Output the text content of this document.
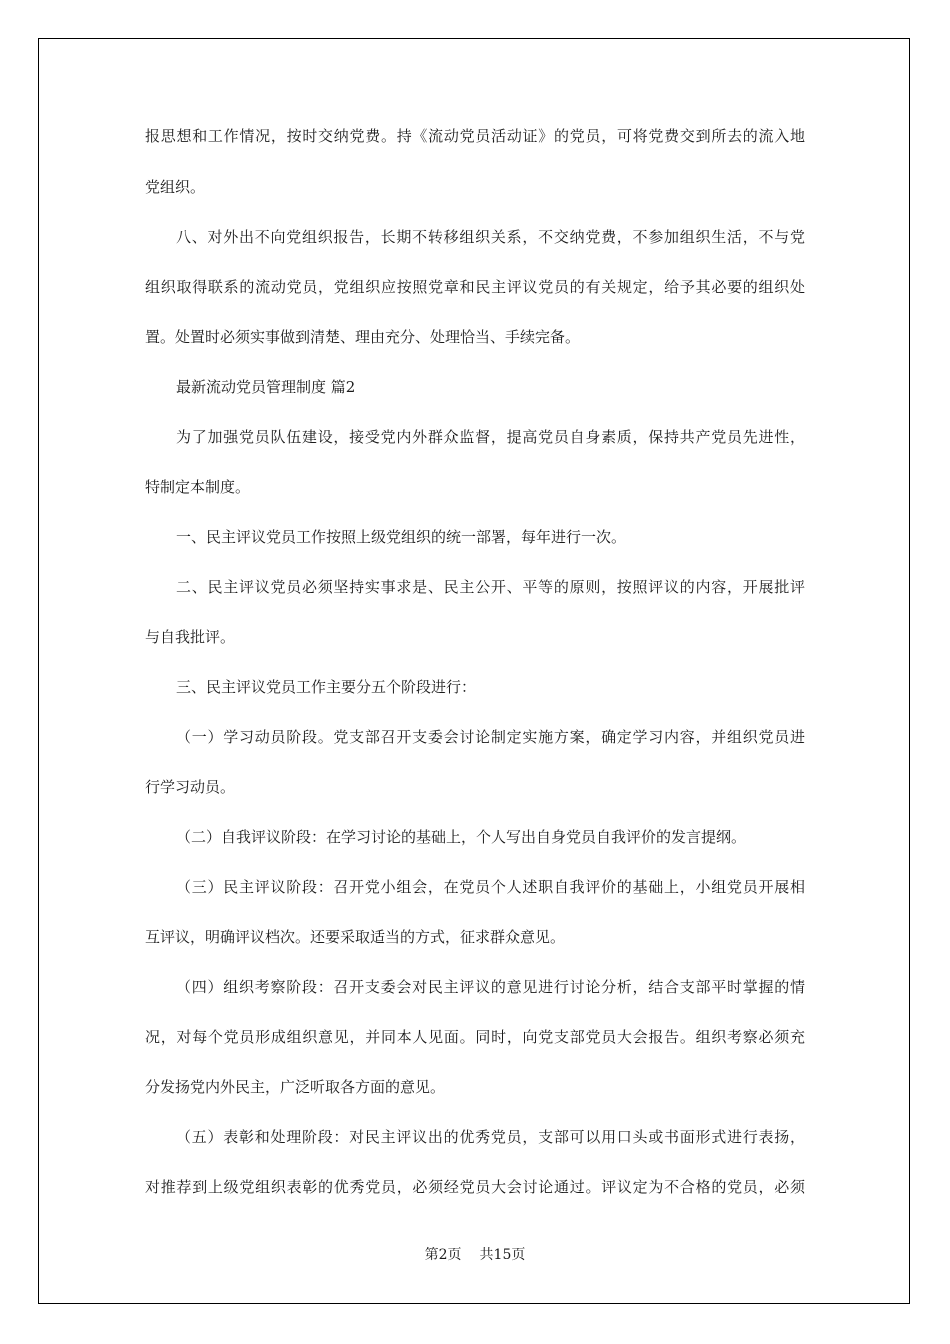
报思想和工作情况，按时交纳党费。持《流动党员活动证》的党员，可将党费交到所去的流入地
党组织。
八、对外出不向党组织报告，长期不转移组织关系，不交纳党费，不参加组织生活，不与党
组织取得联系的流动党员，党组织应按照党章和民主评议党员的有关规定，给予其必要的组织处
置。处置时必须实事做到清楚、理由充分、处理恰当、手续完备。
最新流动党员管理制度 篇2
为了加强党员队伍建设，接受党内外群众监督，提高党员自身素质，保持共产党员先进性，
特制定本制度。
一、民主评议党员工作按照上级党组织的统一部署，每年进行一次。
二、民主评议党员必须坚持实事求是、民主公开、平等的原则，按照评议的内容，开展批评
与自我批评。
三、民主评议党员工作主要分五个阶段进行：
（一）学习动员阶段。党支部召开支委会讨论制定实施方案，确定学习内容，并组织党员进
行学习动员。
（二）自我评议阶段：在学习讨论的基础上，个人写出自身党员自我评价的发言提纲。
（三）民主评议阶段：召开党小组会，在党员个人述职自我评价的基础上，小组党员开展相
互评议，明确评议档次。还要采取适当的方式，征求群众意见。
（四）组织考察阶段：召开支委会对民主评议的意见进行讨论分析，结合支部平时掌握的情
况，对每个党员形成组织意见，并同本人见面。同时，向党支部党员大会报告。组织考察必须充
分发扬党内外民主，广泛听取各方面的意见。
（五）表彰和处理阶段：对民主评议出的优秀党员，支部可以用口头或书面形式进行表扬，
对推荐到上级党组织表彰的优秀党员，必须经党员大会讨论通过。评议定为不合格的党员，必须
第2页 共15页
